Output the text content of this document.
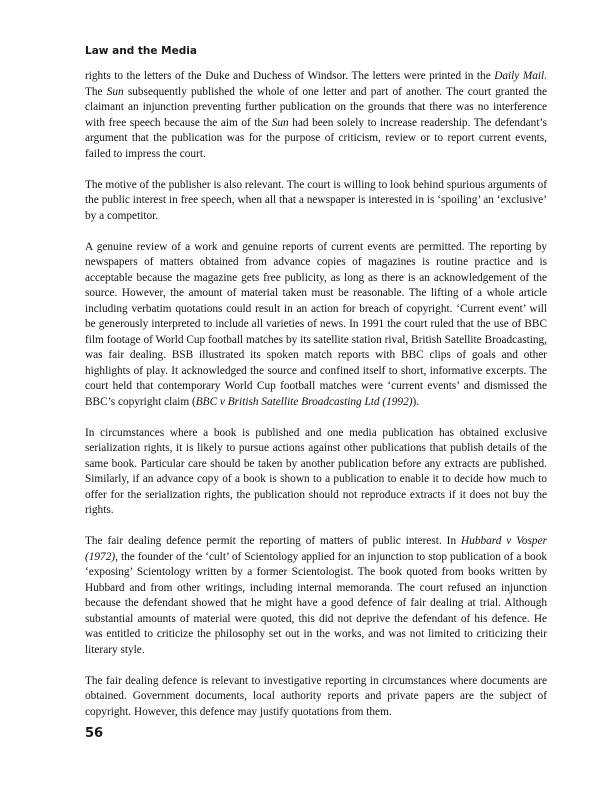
Law and the Media

rights to the letters of the Duke and Duchess of Windsor. The letters were printed in the Daily Mail. The Sun subsequently published the whole of one letter and part of another. The court granted the claimant an injunction preventing further publication on the grounds that there was no interference with free speech because the aim of the Sun had been solely to increase readership. The defendant’s argument that the publication was for the purpose of criticism, review or to report current events, failed to impress the court.

The motive of the publisher is also relevant. The court is willing to look behind spurious arguments of the public interest in free speech, when all that a newspaper is interested in is ‘spoiling’ an ‘exclusive’ by a competitor.

A genuine review of a work and genuine reports of current events are permitted. The reporting by newspapers of matters obtained from advance copies of magazines is routine practice and is acceptable because the magazine gets free publicity, as long as there is an acknowledgement of the source. However, the amount of material taken must be reasonable. The lifting of a whole article including verbatim quotations could result in an action for breach of copyright. ‘Current event’ will be generously interpreted to include all varieties of news. In 1991 the court ruled that the use of BBC film footage of World Cup football matches by its satellite station rival, British Satellite Broadcasting, was fair dealing. BSB illustrated its spoken match reports with BBC clips of goals and other highlights of play. It acknowledged the source and confined itself to short, informative excerpts. The court held that contemporary World Cup football matches were ‘current events’ and dismissed the BBC’s copyright claim (BBC v British Satellite Broadcasting Ltd (1992)).

In circumstances where a book is published and one media publication has obtained exclusive serialization rights, it is likely to pursue actions against other publications that publish details of the same book. Particular care should be taken by another publication before any extracts are published. Similarly, if an advance copy of a book is shown to a publication to enable it to decide how much to offer for the serialization rights, the publication should not reproduce extracts if it does not buy the rights.

The fair dealing defence permit the reporting of matters of public interest. In Hubbard v Vosper (1972), the founder of the ‘cult’ of Scientology applied for an injunction to stop publication of a book ‘exposing’ Scientology written by a former Scientologist. The book quoted from books written by Hubbard and from other writings, including internal memoranda. The court refused an injunction because the defendant showed that he might have a good defence of fair dealing at trial. Although substantial amounts of material were quoted, this did not deprive the defendant of his defence. He was entitled to criticize the philosophy set out in the works, and was not limited to criticizing their literary style.

The fair dealing defence is relevant to investigative reporting in circumstances where documents are obtained. Government documents, local authority reports and private papers are the subject of copyright. However, this defence may justify quotations from them.

56
